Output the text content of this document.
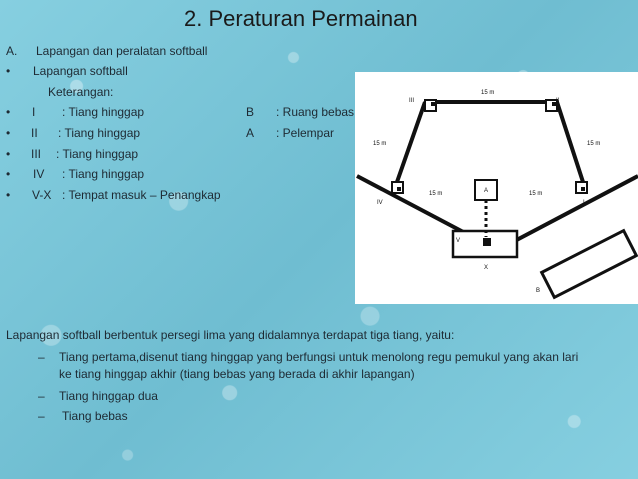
2. Peraturan Permainan
A. Lapangan dan peralatan softball
• Lapangan softball
Keterangan:
• I : Tiang hinggap
• II : Tiang hinggap
• III : Tiang hinggap
• IV : Tiang hinggap
• V-X : Tempat masuk – Penangkap
B : Ruang bebas
A : Pelempar
15 m
15 m	15 m
15 m	15 m
III	II
IV	I
A
V
X
B
Lapangan softball berbentuk persegi lima yang didalamnya terdapat tiga tiang, yaitu:
– Tiang pertama,disenut tiang hinggap yang berfungsi untuk menolong regu pemukul yang akan lari
ke tiang hinggap akhir (tiang bebas yang berada di akhir lapangan)
– Tiang hinggap dua
– Tiang bebas
